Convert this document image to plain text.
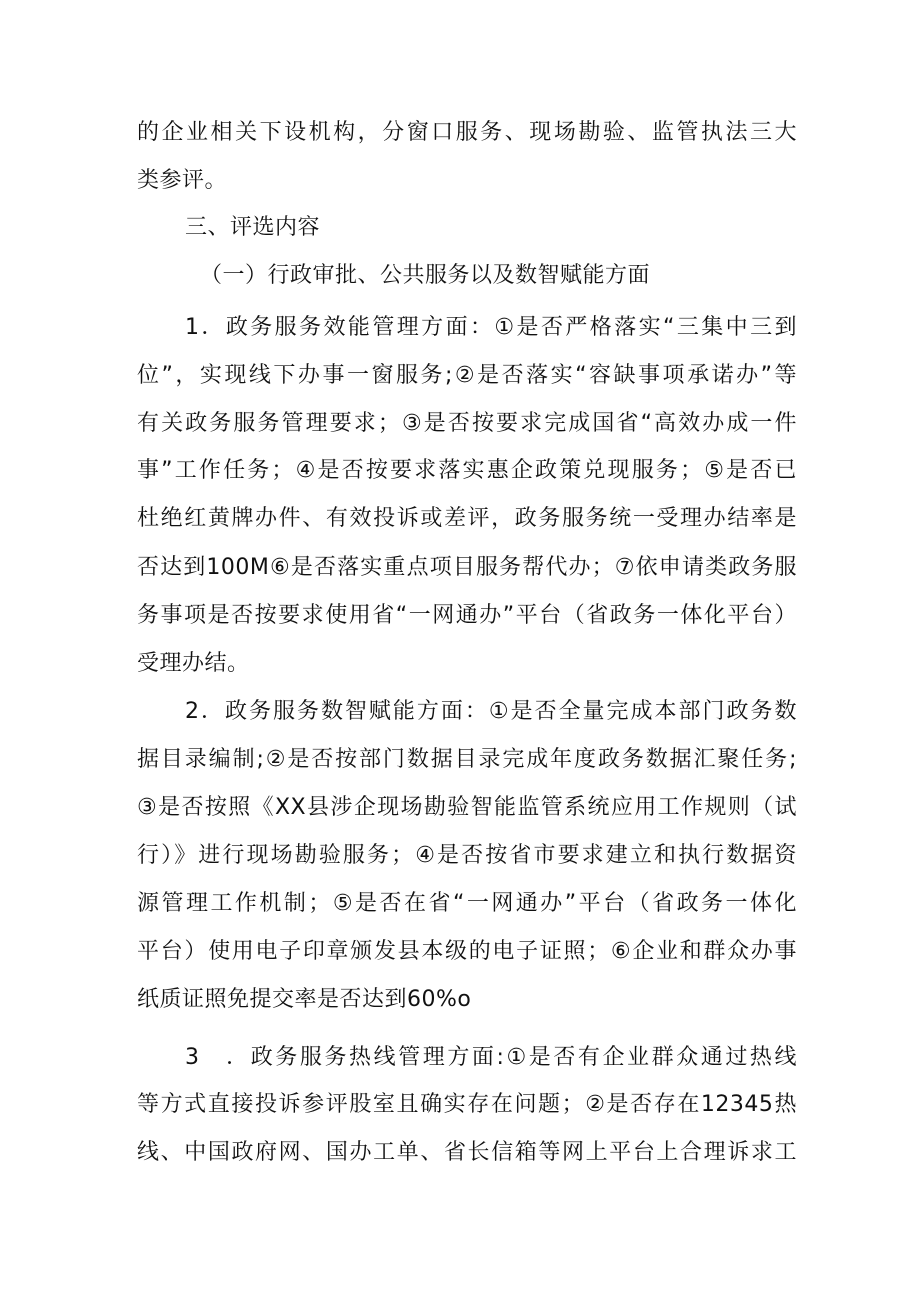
的企业相关下设机构，分窗口服务、现场勘验、监管执法三大
类参评。
三、评选内容
（一）行政审批、公共服务以及数智赋能方面
1．政务服务效能管理方面：①是否严格落实“三集中三到
位”，实现线下办事一窗服务;②是否落实“容缺事项承诺办”等
有关政务服务管理要求；③是否按要求完成国省“高效办成一件
事”工作任务；④是否按要求落实惠企政策兑现服务；⑤是否已
杜绝红黄牌办件、有效投诉或差评，政务服务统一受理办结率是
否达到100M⑥是否落实重点项目服务帮代办；⑦依申请类政务服
务事项是否按要求使用省“一网通办”平台（省政务一体化平台）
受理办结。
2．政务服务数智赋能方面：①是否全量完成本部门政务数
据目录编制;②是否按部门数据目录完成年度政务数据汇聚任务;
③是否按照《XX县涉企现场勘验智能监管系统应用工作规则（试
行）》进行现场勘验服务；④是否按省市要求建立和执行数据资
源管理工作机制；⑤是否在省“一网通办”平台（省政务一体化
平台）使用电子印章颁发县本级的电子证照；⑥企业和群众办事
纸质证照免提交率是否达到60%o
3　．政务服务热线管理方面:①是否有企业群众通过热线
等方式直接投诉参评股室且确实存在问题；②是否存在12345热
线、中国政府网、国办工单、省长信箱等网上平台上合理诉求工
